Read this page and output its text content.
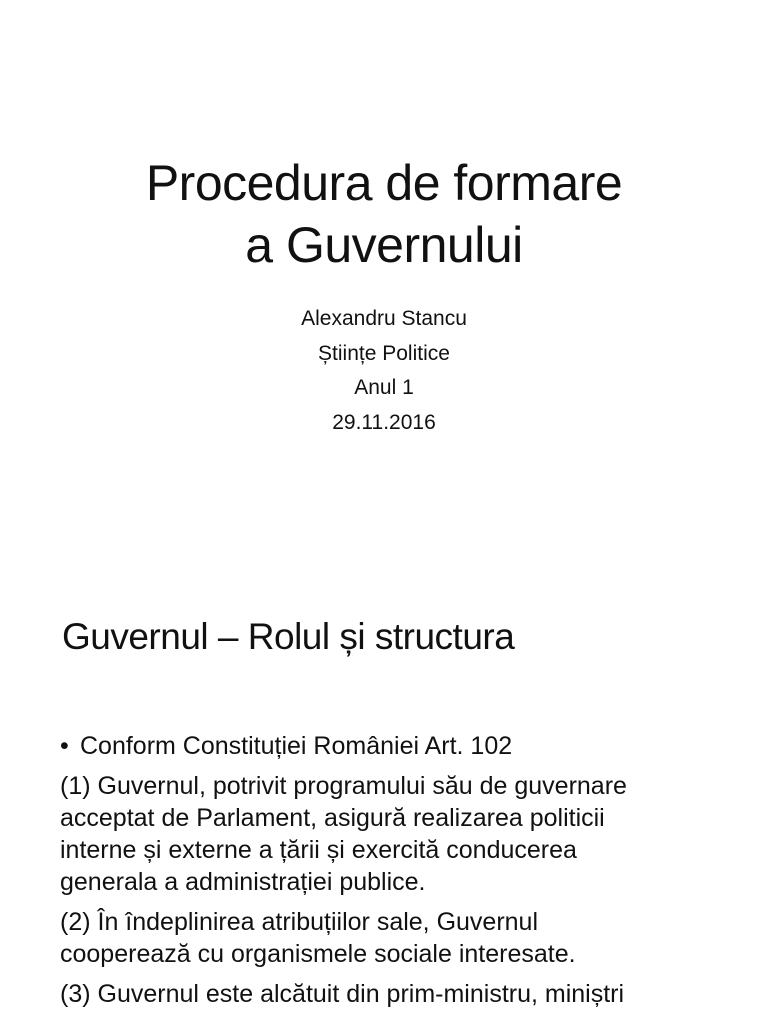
Procedura de formare
a Guvernului
Alexandru Stancu
Științe Politice
Anul 1
29.11.2016
Guvernul – Rolul și structura
• Conform Constituției României Art. 102
(1) Guvernul, potrivit programului său de guvernare
acceptat de Parlament, asigură realizarea politicii
interne și externe a țării și exercită conducerea
generala a administrației publice.
(2) În îndeplinirea atribuțiilor sale, Guvernul
cooperează cu organismele sociale interesate.
(3) Guvernul este alcătuit din prim-ministru, miniștri
